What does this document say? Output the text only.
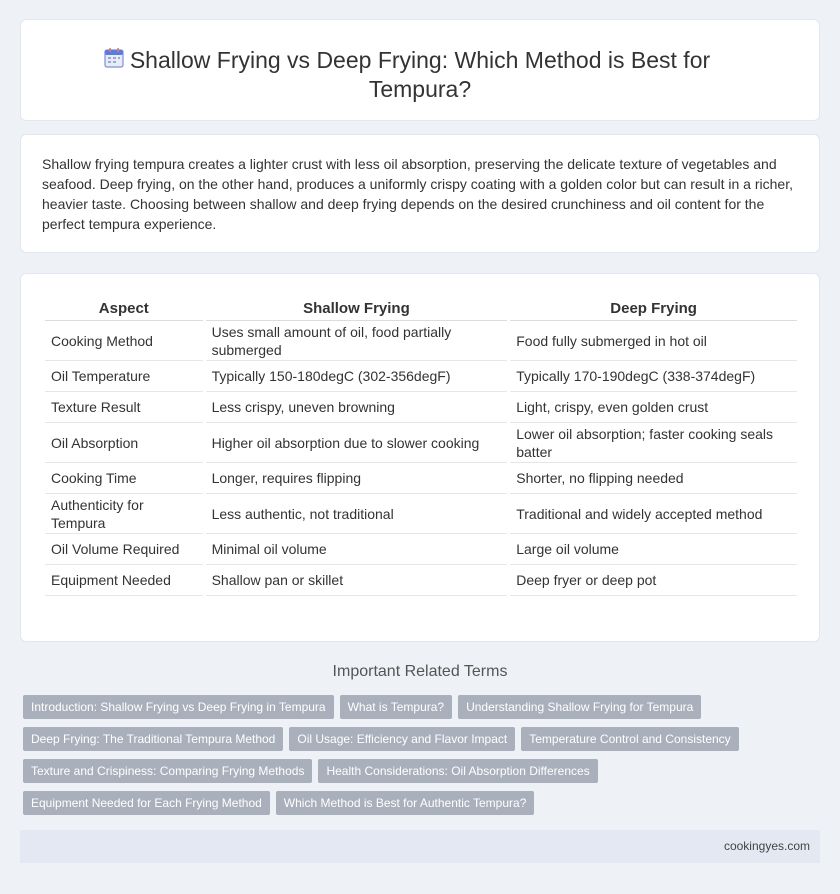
Shallow Frying vs Deep Frying: Which Method is Best for
Tempura?

Shallow frying tempura creates a lighter crust with less oil absorption, preserving the delicate texture of vegetables and seafood. Deep frying, on the other hand, produces a uniformly crispy coating with a golden color but can result in a richer, heavier taste. Choosing between shallow and deep frying depends on the desired crunchiness and oil content for the perfect tempura experience.

Aspect	Shallow Frying	Deep Frying
Cooking Method	Uses small amount of oil, food partially submerged	Food fully submerged in hot oil
Oil Temperature	Typically 150-180degC (302-356degF)	Typically 170-190degC (338-374degF)
Texture Result	Less crispy, uneven browning	Light, crispy, even golden crust
Oil Absorption	Higher oil absorption due to slower cooking	Lower oil absorption; faster cooking seals batter
Cooking Time	Longer, requires flipping	Shorter, no flipping needed
Authenticity for Tempura	Less authentic, not traditional	Traditional and widely accepted method
Oil Volume Required	Minimal oil volume	Large oil volume
Equipment Needed	Shallow pan or skillet	Deep fryer or deep pot
Important Related Terms
Introduction: Shallow Frying vs Deep Frying in Tempura	What is Tempura?	Understanding Shallow Frying for Tempura
Deep Frying: The Traditional Tempura Method	Oil Usage: Efficiency and Flavor Impact	Temperature Control and Consistency
Texture and Crispiness: Comparing Frying Methods	Health Considerations: Oil Absorption Differences
Equipment Needed for Each Frying Method	Which Method is Best for Authentic Tempura?
cookingyes.com
